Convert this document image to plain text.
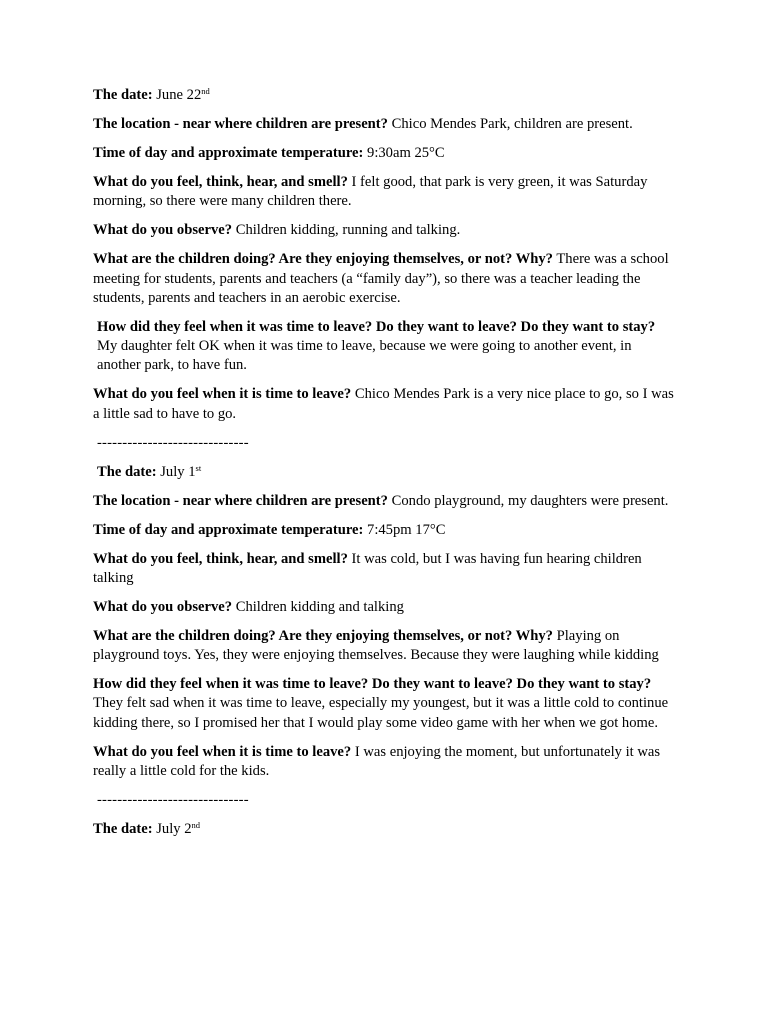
The date: June 22nd

The location - near where children are present? Chico Mendes Park, children are present.

Time of day and approximate temperature: 9:30am 25°C

What do you feel, think, hear, and smell? I felt good, that park is very green, it was Saturday morning, so there were many children there.

What do you observe? Children kidding, running and talking.

What are the children doing? Are they enjoying themselves, or not? Why? There was a school meeting for students, parents and teachers (a “family day”), so there was a teacher leading the students, parents and teachers in an aerobic exercise.

How did they feel when it was time to leave? Do they want to leave? Do they want to stay? My daughter felt OK when it was time to leave, because we were going to another event, in another park, to have fun.

What do you feel when it is time to leave? Chico Mendes Park is a very nice place to go, so I was a little sad to have to go.

------------------------------

The date: July 1st

The location - near where children are present? Condo playground, my daughters were present.

Time of day and approximate temperature: 7:45pm 17°C

What do you feel, think, hear, and smell? It was cold, but I was having fun hearing children talking

What do you observe? Children kidding and talking

What are the children doing? Are they enjoying themselves, or not? Why? Playing on playground toys. Yes, they were enjoying themselves. Because they were laughing while kidding

How did they feel when it was time to leave? Do they want to leave? Do they want to stay? They felt sad when it was time to leave, especially my youngest, but it was a little cold to continue kidding there, so I promised her that I would play some video game with her when we got home.

What do you feel when it is time to leave? I was enjoying the moment, but unfortunately it was really a little cold for the kids.

------------------------------

The date: July 2nd
